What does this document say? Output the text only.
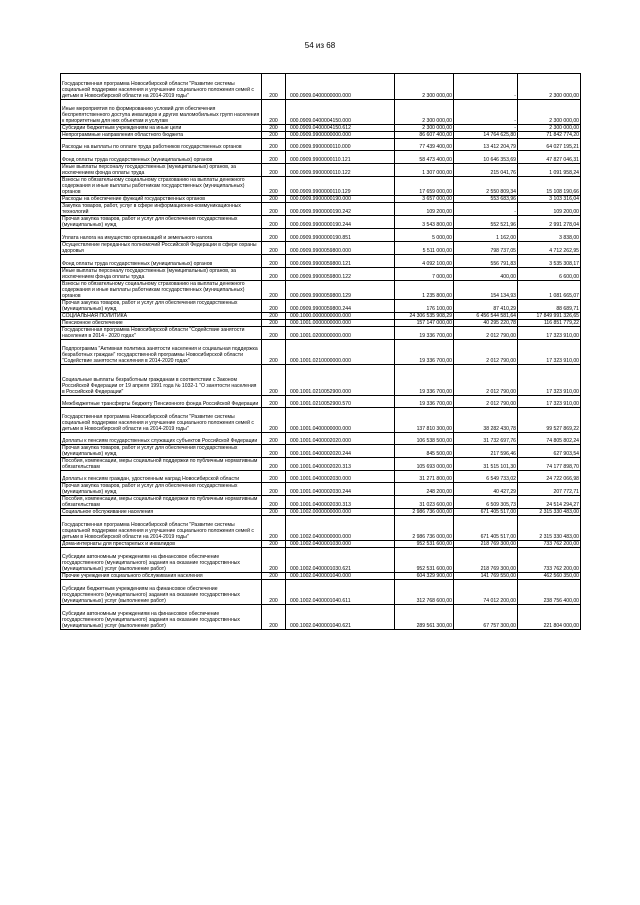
54 из 68
Государственная программа Новосибирской области "Развитие системы социальной поддержки населения и улучшение социального положения семей с детьми в Новосибирской области на 2014-2019 годы"	200	000.0909.0400000000.000	2 300 000,00	-	2 300 000,00
Иные мероприятия по формированию условий для обеспечения беспрепятственного доступа инвалидов и других маломобильных групп населения к приоритетным для них объектам и услугам	200	000.0909.0400004150.000	2 300 000,00	-	2 300 000,00
Субсидии бюджетным учреждениям на иные цели	200	000.0909.0400004150.612	2 300 000,00	-	2 300 000,00
Непрограммные направления областного бюджета	200	000.0909.9900000000.000	86 607 400,00	14 764 625,80	71 842 774,20
Расходы на выплаты по оплате труда работников государственных органов	200	000.0909.9900000110.000	77 439 400,00	13 412 204,79	64 027 195,21
Фонд оплаты труда государственных (муниципальных) органов	200	000.0909.9900000110.121	58 473 400,00	10 646 353,69	47 827 046,31
Иные выплаты персоналу государственных (муниципальных) органов, за исключением фонда оплаты труда	200	000.0909.9900000110.122	1 307 000,00	215 041,76	1 091 958,24
Взносы по обязательному социальному страхованию на выплаты денежного содержания и иные выплаты работникам государственных (муниципальных) органов	200	000.0909.9900000110.129	17 659 000,00	2 550 809,34	15 108 190,66
Расходы на обеспечение функций государственных органов	200	000.0909.9900000190.000	3 657 000,00	553 683,96	3 103 316,04
Закупка товаров, работ, услуг в сфере информационно-коммуникационных технологий	200	000.0909.9900000190.242	109 200,00	-	109 200,00
Прочая закупка товаров, работ и услуг для обеспечения государственных (муниципальных) нужд	200	000.0909.9900000190.244	3 543 800,00	552 521,96	2 991 278,04
Уплата налога на имущество организаций и земельного налога	200	000.0909.9900000190.851	5 000,00	1 162,00	3 838,00
Осуществление переданных полномочий Российской Федерации в сфере охраны здоровья	200	000.0909.9900059800.000	5 511 000,00	798 737,05	4 712 262,95
Фонд оплаты труда государственных (муниципальных) органов	200	000.0909.9900059800.121	4 092 100,00	556 791,83	3 535 308,17
Иные выплаты персоналу государственных (муниципальных) органов, за исключением фонда оплаты труда	200	000.0909.9900059800.122	7 000,00	400,00	6 600,00
Взносы по обязательному социальному страхованию на выплаты денежного содержания и иные выплаты работникам государственных (муниципальных) органов	200	000.0909.9900059800.129	1 235 800,00	154 134,93	1 081 665,07
Прочая закупка товаров, работ и услуг для обеспечения государственных (муниципальных) нужд	200	000.0909.9900059800.244	176 100,00	87 410,29	88 689,71
СОЦИАЛЬНАЯ ПОЛИТИКА	200	000.1000.0000000000.000	24 306 535 908,29	6 456 544 581,64	17 849 991 326,65
Пенсионное обеспечение	200	000.1001.0000000000.000	157 147 000,00	40 295 220,78	116 851 779,22
Государственная программа Новосибирской области "Содействие занятости населения в 2014 - 2020 годах"	200	000.1001.0200000000.000	19 336 700,00	2 012 790,00	17 323 910,00
Подпрограмма "Активная политика занятости населения и социальная поддержка безработных граждан" государственной программы Новосибирской области "Содействие занятости населения в 2014-2020 годах"	200	000.1001.0210000000.000	19 336 700,00	2 012 790,00	17 323 910,00
Социальные выплаты безработным гражданам в соответствии с Законом Российской Федерации от 19 апреля 1991 года № 1032-1 "О занятости населения в Российской Федерации"	200	000.1001.0210052900.000	19 336 700,00	2 012 790,00	17 323 910,00
Межбюджетные трансферты бюджету Пенсионного фонда Российской Федерации	200	000.1001.0210052900.570	19 336 700,00	2 012 790,00	17 323 910,00
Государственная программа Новосибирской области "Развитие системы социальной поддержки населения и улучшение социального положения семей с детьми в Новосибирской области на 2014-2019 годы"	200	000.1001.0400000000.000	137 810 300,00	38 282 430,78	99 527 869,22
Доплаты к пенсиям государственных служащих субъектов Российской Федерации	200	000.1001.0400002020.000	106 538 500,00	31 732 697,76	74 805 802,24
Прочая закупка товаров, работ и услуг для обеспечения государственных (муниципальных) нужд	200	000.1001.0400002020.244	845 500,00	217 596,46	627 903,54
Пособия, компенсации, меры социальной поддержки по публичным нормативным обязательствам	200	000.1001.0400002020.313	105 693 000,00	31 515 101,30	74 177 898,70
Доплаты к пенсиям граждан, удостоенным наград Новосибирской области	200	000.1001.0400002030.000	31 271 800,00	6 549 733,02	24 722 066,98
Прочая закупка товаров, работ и услуг для обеспечения государственных (муниципальных) нужд	200	000.1001.0400002030.244	248 200,00	40 427,29	207 772,71
Пособия, компенсации, меры социальной поддержки по публичным нормативным обязательствам	200	000.1001.0400002030.313	31 023 600,00	6 509 305,73	24 514 294,27
Социальное обслуживание населения	200	000.1002.0000000000.000	2 986 736 000,00	671 405 517,00	2 315 330 483,00
Государственная программа Новосибирской области "Развитие системы социальной поддержки населения и улучшение социального положения семей с детьми в Новосибирской области на 2014-2019 годы"	200	000.1002.0400000000.000	2 986 736 000,00	671 405 517,00	2 315 330 483,00
Дома-интернаты для престарелых и инвалидов	200	000.1002.0400001030.000	952 531 600,00	218 769 300,00	733 762 200,00
Субсидии автономным учреждениям на финансовое обеспечение государственного (муниципального) задания на оказание государственных (муниципальных) услуг (выполнение работ)	200	000.1002.0400001030.621	952 531 600,00	218 769 300,00	733 762 200,00
Прочие учреждения социального обслуживания населения	200	000.1002.0400001040.000	604 329 900,00	141 769 550,00	462 560 350,00
Субсидии бюджетным учреждениям на финансовое обеспечение государственного (муниципального) задания на оказание государственных (муниципальных) услуг (выполнение работ)	200	000.1002.0400001040.611	312 768 600,00	74 012 200,00	238 756 400,00
Субсидии автономным учреждениям на финансовое обеспечение государственного (муниципального) задания на оказание государственных (муниципальных) услуг (выполнение работ)	200	000.1002.0400001040.621	289 561 300,00	67 757 300,00	221 804 000,00
